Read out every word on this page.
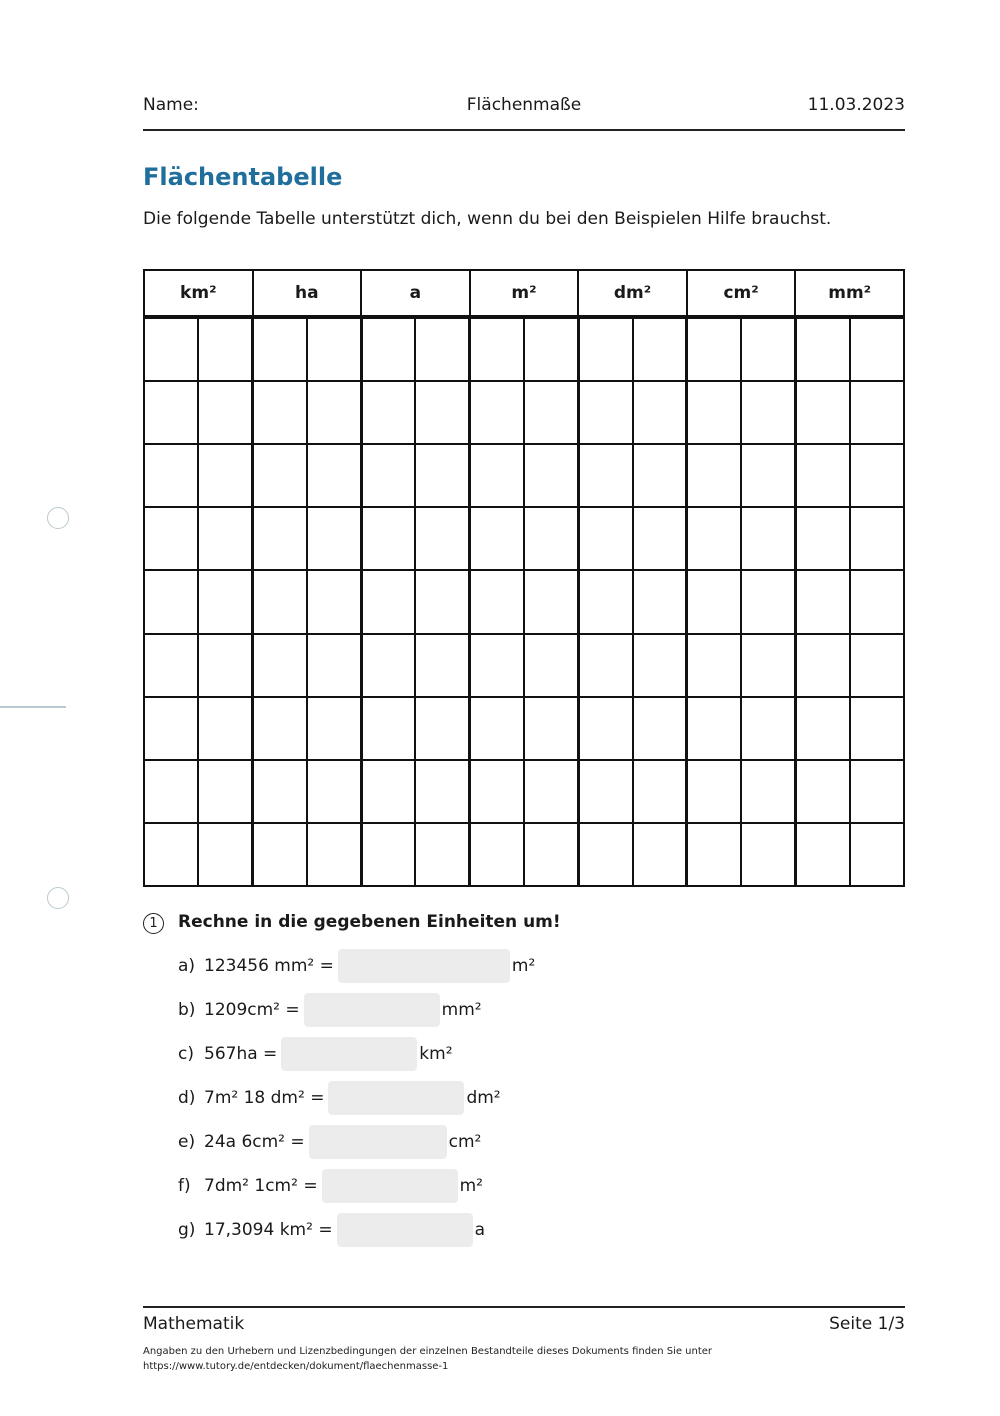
Name:	Flächenmaße	11.03.2023
Flächentabelle
Die folgende Tabelle unterstützt dich, wenn du bei den Beispielen Hilfe brauchst.
km²		ha		a		m²		dm²		cm²		mm²	

1	Rechne in die gegebenen Einheiten um!
a) 123456 mm² =	m²
b) 1209cm² =	mm²
c) 567ha =	km²
d) 7m² 18 dm² =	dm²
e) 24a 6cm² =	cm²
f) 7dm² 1cm² =	m²
g) 17,3094 km² =	a
Mathematik	Seite 1/3
Angaben zu den Urhebern und Lizenzbedingungen der einzelnen Bestandteile dieses Dokuments finden Sie unter
https://www.tutory.de/entdecken/dokument/flaechenmasse-1
